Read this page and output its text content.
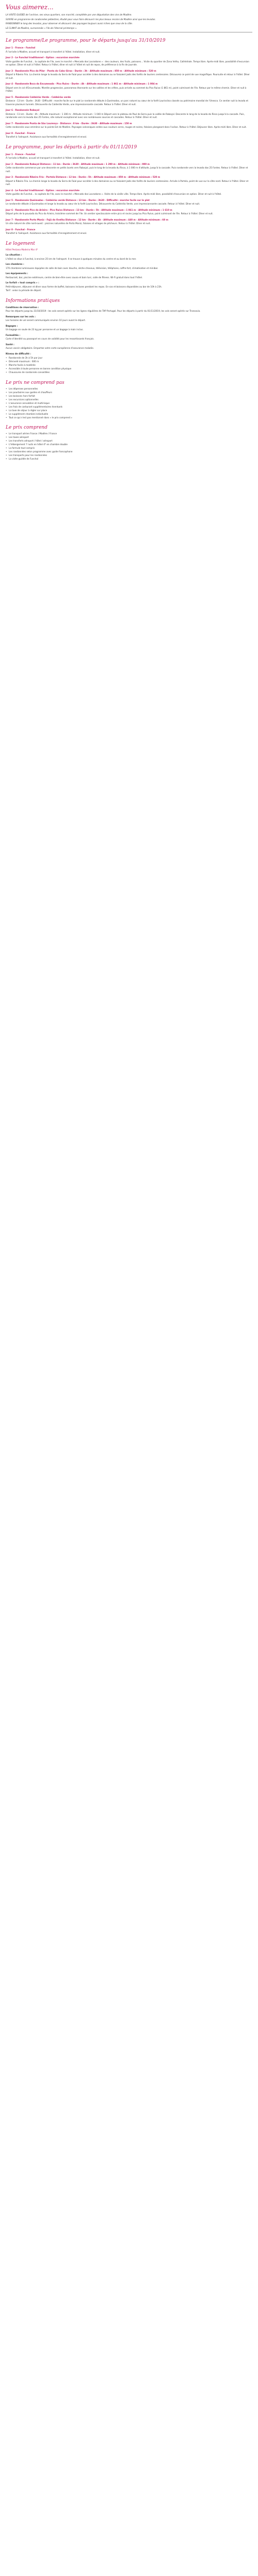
Vous aimerez...

LA VISITE GUIDÉE de l'archive, ses vieux quartiers, son marché, complétée par une dégustation des vins de Madère.

SUIVRE en programme de randonnées pédestres, étudié pour vous faire découvrir les plus beaux recoins de Madère ainsi que les levadas.

RANDONNER le long des levadas, pour observer et découvrir des paysages toujours aussi riches que ceux de la côte.

LE CLIMAT de Madère, surnommée « l'île de l'éternel printemps ».

Le programme/Le programme, pour le départs jusqu'au 31/10/2019
Jour 1 - France - Funchal

À l'arrivée à Madère, accueil et transport à transfert à l'hôtel. Installation, dîner et nuit.

Jour 2 - Le Funchal traditionnel - Option : excursion marchée

Visite guidée de Funchal... la capitale de l'île, avec le marché « Mercado dos Lavradores » : des couleurs, des fruits, poissons... Visite du quartier de Zona Velha, Cathédrale. Temps libre. Après-midi libre, possibilité d'excursion en option. Dîner et nuit à l'hôtel. Retour à l'hôtel, dîner et nuit à l'hôtel et nuit de repos, de préférence à la fin de journée.

Jour 3 - Randonnée Pico do Pilar - Ponta do Cabo Girao - Durée : 3h - Altitude maximum : 850 m - Altitude minimum : 520 m

Départ à Ribeiro Frio. La chemin longe la levada du Serra de Faial pour accéder à des domaines ou se faisaient jadis des forêts de lauriers centenaires. Découvrez ce point de vue magnifique. Poursuite et retour à l'hôtel. Dîner et nuit.

Jour 4 - Randonnée Boca da Encumeada - Pico Ruivo - Durée : 4h - Altitude maximum : 1 861 m - Altitude minimum : 1 004 m

Départ vers le col d'Encumeada. Montée progressive, panoramas étonnants sur les vallées et les crêtes, puis arrivée au sommet du Pico Ruivo (1 861 m), point culminant de l'île. Retour par le même chemin. Dîner et nuit à l'hôtel.

Jour 5 - Randonnée Caldeirão Verde - Caldeirão verde

Distance : 13 km - Durée : 3h30 - Difficulté : marche facile sur le plat Le randonnée débute à Queimadas, un parc naturel au cœur de la forêt Laurissilva classée au patrimoine mondial de l'Unesco. Ce sentier suit la levada et traverse plusieurs tunnels. Découverte du Caldeirão Verde, une impressionnante cascade. Retour à l'hôtel. Dîner et nuit.

Jour 6 - Randonnée Rabaçal

Distance : 11 km - Durée : 4h - Altitude maximum : 1 300 m - Altitude minimum : 1 040 m Départ vers le plateau de Paul da Serra puis la vallée de Rabaçal. Descente le long de la levada do Risco jusqu'à la cascade. Puis, randonnée vers la levada das 25 Fontes, site naturel exceptionnel avec ses nombreuses sources et cascades. Retour à l'hôtel. Dîner et nuit.

Jour 7 - Randonnée Ponta de São Lourenço - Distance : 8 km - Durée : 3h30 - Altitude maximum : 150 m

Cette randonnée vous emmène sur la pointe Est de Madère. Paysages volcaniques arides aux couleurs ocres, rouges et noires, falaises plongeant dans l'océan. Retour à l'hôtel. Déjeuner libre. Après-midi libre. Dîner et nuit.

Jour 8 - Funchal - France

Transfert à l'aéroport. Assistance aux formalités d'enregistrement et envol.

Le programme, pour les départs à partir du 01/11/2019
Jour 1 - France - Funchal

À l'arrivée à Madère, accueil et transport à transfert à l'hôtel. Installation, dîner et nuit.

Jour 2 - Randonnée Rabaçal Distance : 11 km - Durée : 3h30 - Altitude maximum : 1 290 m - Altitude minimum : 900 m

Cette randonnée commence par une descente en petits lacets vers Rabaçal, puis le long de la levada du Risco, à 1 000 m d'altitude, jusqu'à la cascade. Puis randonnée vers la levada das 25 Fontes. Retour à l'hôtel. Dîner et nuit.

Jour 3 - Randonnée Ribeiro Frio - Portela Distance : 12 km - Durée : 5h - Altitude maximum : 850 m - Altitude minimum : 520 m

Départ à Ribeiro Frio. La chemin longe la levada du Serra de Faial pour accéder à des domaines ou se faisaient jadis des forêts de lauriers centenaires. Arrivée à Portela, point de vue sur la côte nord. Retour à l'hôtel. Dîner et nuit.

Jour 4 - Le Funchal traditionnel - Option : excursion marchée

Visite guidée de Funchal... la capitale de l'île, avec le marché « Mercado dos Lavradores ». Visite de la vieille ville. Temps libre. Après-midi libre, possibilité d'excursion en option. Dîner et nuit à l'hôtel.

Jour 5 - Randonnée Queimadas - Caldeirão verde Distance : 13 km - Durée : 3h30 - Difficulté : marche facile sur le plat

Le randonnée débute à Queimadas et longe la levada au cœur de la forêt Laurissilva. Découverte du Caldeirão Verde, une impressionnante cascade. Retour à l'hôtel. Dîner et nuit.

Jour 6 - Randonnée Pico do Arieiro - Pico Ruivo Distance : 13 km - Durée : 5h - Altitude maximum : 1 861 m - Altitude minimum : 1 610 m

Départ près de la pousada du Pico do Arieiro, troisième sommet de l'île. Un sentier spectaculaire entre pics et ravins jusqu'au Pico Ruivo, point culminant de l'île. Retour à l'hôtel. Dîner et nuit.

Jour 7 - Randonnée Porto Moniz - Fajã do Ovelha Distance : 12 km - Durée : 4h - Altitude maximum : 440 m - Altitude minimum : 60 m

Un site naturel de côte nord-ouest : piscines naturelles de Porto Moniz, falaises et villages de pêcheurs. Retour à l'hôtel. Dîner et nuit.

Jour 8 - Funchal - France

Transfert à l'aéroport. Assistance aux formalités d'enregistrement et envol.

Le logement

Hôtel Pestana Madeira Mar 4*

La situation :

L'hôtel se situe à Funchal, à environ 25 km de l'aéroport. Il se trouve à quelques minutes du centre et au bord de la mer.

Les chambres :

170 chambres lumineuses équipées de salle de bain avec douche, sèche-cheveux, télévision, téléphone, coffre-fort, climatisation et minibar.

Les équipements :

Restaurant, bar, piscine extérieure, centre de bien-être avec sauna et bain turc, salle de fitness. Wi-Fi gratuit dans tout l'hôtel.

Le forfait « tout compris » :

Petit-déjeuner, déjeuner et dîner sous forme de buffet, boissons incluses pendant les repas. En-cas et boissons disponibles au bar de 10h à 23h.

Tarif : selon la période de départ.

Informations pratiques
Conditions de réservation :

Pour les départs jusqu'au 31/10/2019 : les vols seront opérés sur les lignes régulières de TAP Portugal. Pour les départs à partir du 01/11/2019, les vols seront opérés sur Transavia.

Remarques sur les vols :

Les horaires de vol seront communiqués environ 10 jours avant le départ.

Bagages :

Un bagage en soute de 23 kg par personne et un bagage à main inclus.

Formalités :

Carte d'identité ou passeport en cours de validité pour les ressortissants français.

Santé :

Aucun vaccin obligatoire. Emportez votre carte européenne d'assurance maladie.

Niveau de difficulté :
• Randonnée de 3h à 5h par jour
• Dénivelé maximum : 600 m
• Marche facile à modérée
• Accessible à toute personne en bonne condition physique
• Chaussures de randonnée conseillées
Le prix ne comprend pas
• Les dépenses personnelles
• Les pourboires aux guides et chauffeurs
• Les boissons hors forfait
• Les excursions optionnelles
• L'assurance annulation et multirisque
• Les frais de carburant supplémentaires éventuels
• La taxe de séjour à régler sur place
• Le supplément chambre individuelle
• Tout ce qui n'est pas mentionné dans « le prix comprend »
Le prix comprend
• Le transport aérien France / Madère / France
• Les taxes aéroport
• Les transferts aéroport / hôtel / aéroport
• L'hébergement 7 nuits en hôtel 4* en chambre double
• La formule tout compris
• Les randonnées selon programme avec guide francophone
• Les transports pour les randonnées
• La visite guidée de Funchal
